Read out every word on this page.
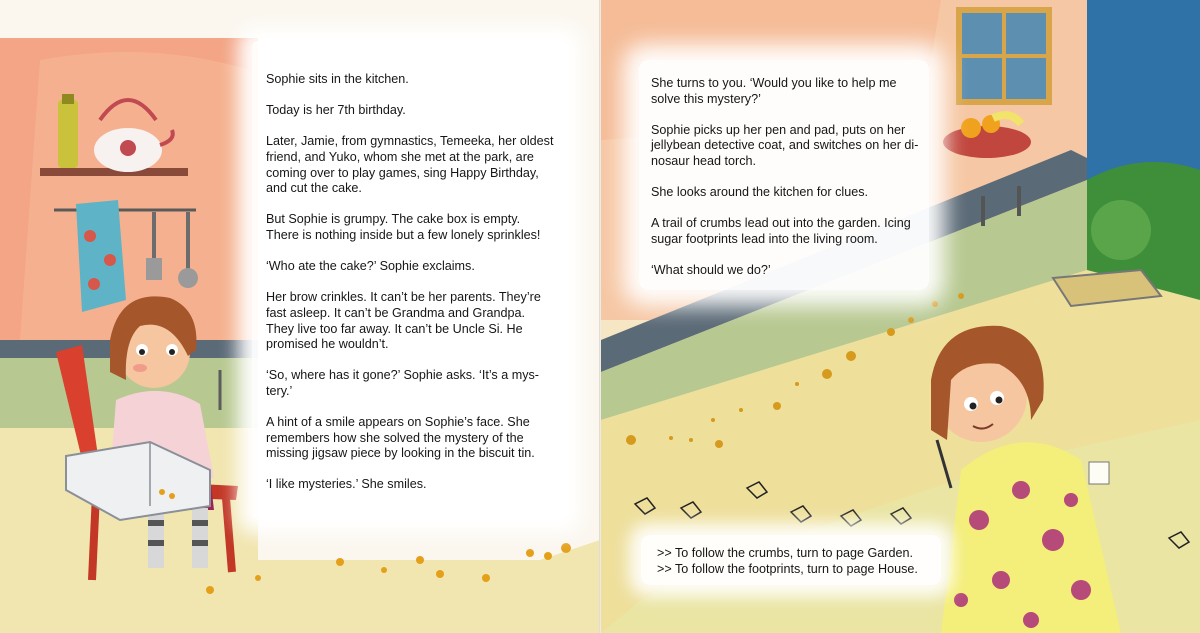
Sophie sits in the kitchen.

Today is her 7th birthday.

Later, Jamie, from gymnastics, Temeeka, her oldest friend, and Yuko, whom she met at the park, are coming over to play games, sing Happy Birthday, and cut the cake.

But Sophie is grumpy. The cake box is empty. There is nothing inside but a few lonely sprinkles!

‘Who ate the cake?’ Sophie exclaims.

Her brow crinkles. It can’t be her parents. They’re fast asleep. It can’t be Grandma and Grandpa. They live too far away. It can’t be Uncle Si. He promised he wouldn’t.

‘So, where has it gone?’ Sophie asks. ‘It’s a mys-tery.’

A hint of a smile appears on Sophie’s face. She remembers how she solved the mystery of the missing jigsaw piece by looking in the biscuit tin.

‘I like mysteries.’ She smiles.

She turns to you. ‘Would you like to help me solve this mystery?’

Sophie picks up her pen and pad, puts on her jellybean detective coat, and switches on her di-nosaur head torch.

She looks around the kitchen for clues.

A trail of crumbs lead out into the garden. Icing sugar footprints lead into the living room.

‘What should we do?’

>> To follow the crumbs, turn to page Garden.
>> To follow the footprints, turn to page House.
